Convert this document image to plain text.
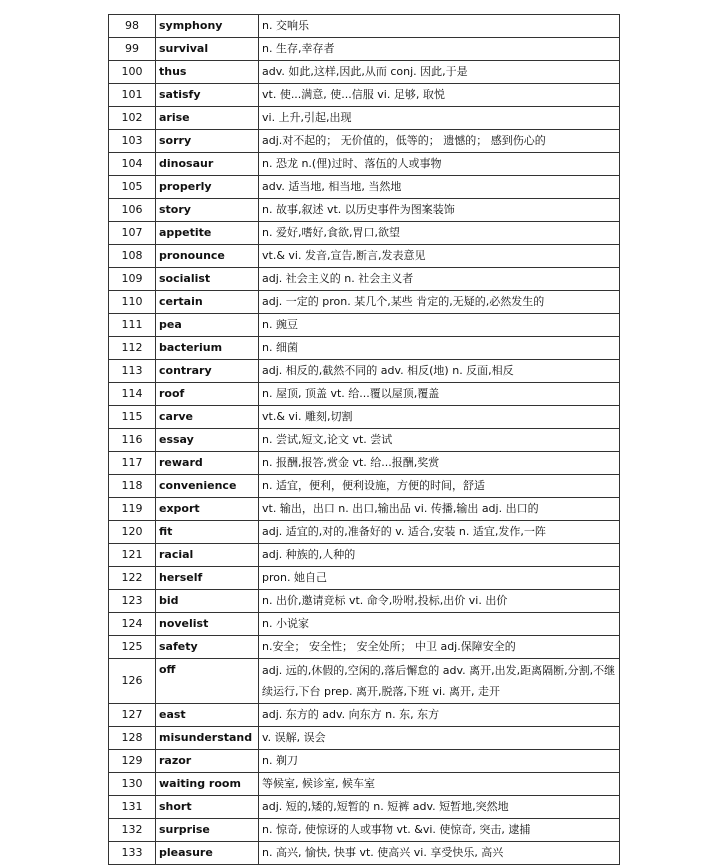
98	symphony	n. 交响乐
99	survival	n. 生存,幸存者
100	thus	adv. 如此,这样,因此,从而 conj. 因此,于是
101	satisfy	vt. 使...满意, 使...信服 vi. 足够, 取悦
102	arise	vi. 上升,引起,出现
103	sorry	adj.对不起的； 无价值的，低等的； 遗憾的； 感到伤心的
104	dinosaur	n. 恐龙 n.(俚)过时、落伍的人或事物
105	properly	adv. 适当地, 相当地, 当然地
106	story	n. 故事,叙述 vt. 以历史事件为图案装饰
107	appetite	n. 爱好,嗜好,食欲,胃口,欲望
108	pronounce	vt.& vi. 发音,宣告,断言,发表意见
109	socialist	adj. 社会主义的 n. 社会主义者
110	certain	adj. 一定的 pron. 某几个,某些 肯定的,无疑的,必然发生的
111	pea	n. 豌豆
112	bacterium	n. 细菌
113	contrary	adj. 相反的,截然不同的 adv. 相反(地) n. 反面,相反
114	roof	n. 屋顶, 顶盖 vt. 给...覆以屋顶,覆盖
115	carve	vt.& vi. 雕刻,切割
116	essay	n. 尝试,短文,论文 vt. 尝试
117	reward	n. 报酬,报答,赏金 vt. 给...报酬,奖赏
118	convenience	n. 适宜，便利，便利设施，方便的时间，舒适
119	export	vt. 输出，出口 n. 出口,输出品 vi. 传播,输出 adj. 出口的
120	fit	adj. 适宜的,对的,准备好的 v. 适合,安装 n. 适宜,发作,一阵
121	racial	adj. 种族的,人种的
122	herself	pron. 她自己
123	bid	n. 出价,邀请竞标 vt. 命令,吩咐,投标,出价 vi. 出价
124	novelist	n. 小说家
125	safety	n.安全； 安全性； 安全处所； 中卫 adj.保障安全的
126	off	adj. 远的,休假的,空闲的,落后懈怠的 adv. 离开,出发,距离隔断,分割,不继续运行,下台 prep. 离开,脱落,下班 vi. 离开, 走开
127	east	adj. 东方的 adv. 向东方 n. 东, 东方
128	misunderstand	v. 误解, 误会
129	razor	n. 剃刀
130	waiting room	等候室, 候诊室, 候车室
131	short	adj. 短的,矮的,短暂的 n. 短裤 adv. 短暂地,突然地
132	surprise	n. 惊奇, 使惊讶的人或事物 vt. &vi. 使惊奇, 突击, 逮捕
133	pleasure	n. 高兴, 愉快, 快事 vt. 使高兴 vi. 享受快乐, 高兴
